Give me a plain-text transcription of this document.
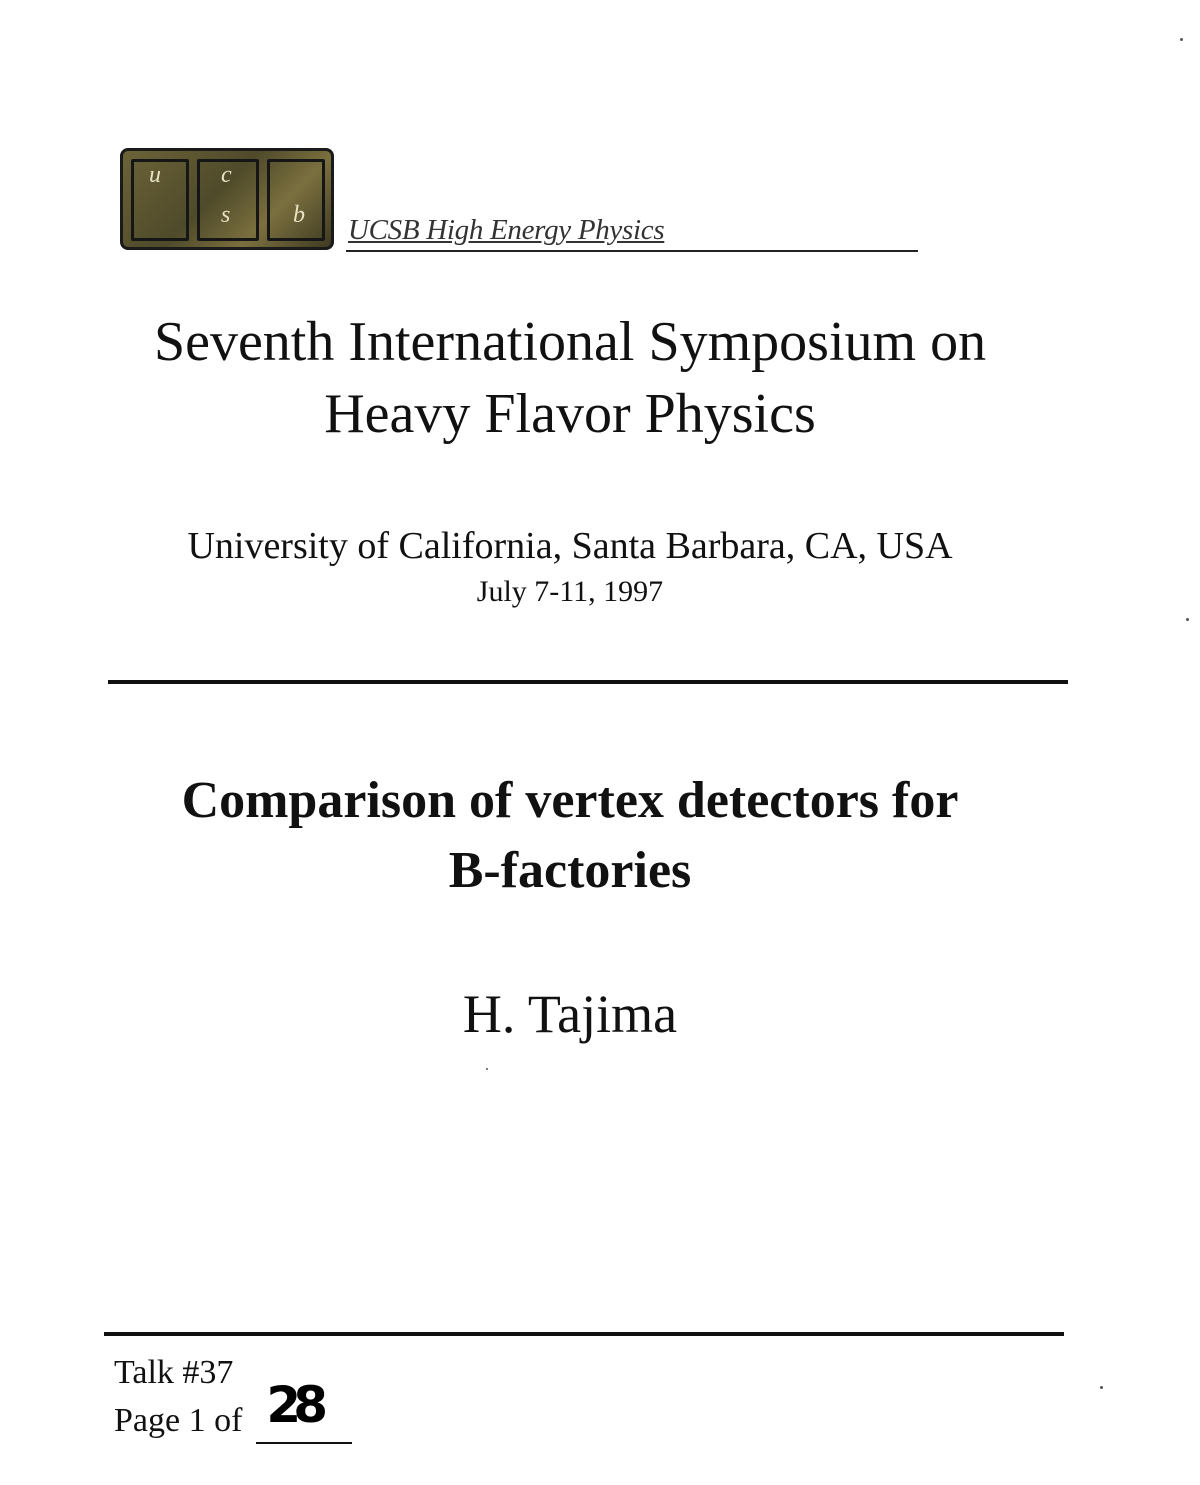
u	c
s	b UCSB High Energy Physics
Seventh International Symposium on
Heavy Flavor Physics
University of California, Santa Barbara, CA, USA
July 7-11, 1997
Comparison of vertex detectors for
B-factories
H. Tajima
Talk #37
Page 1 of 28
